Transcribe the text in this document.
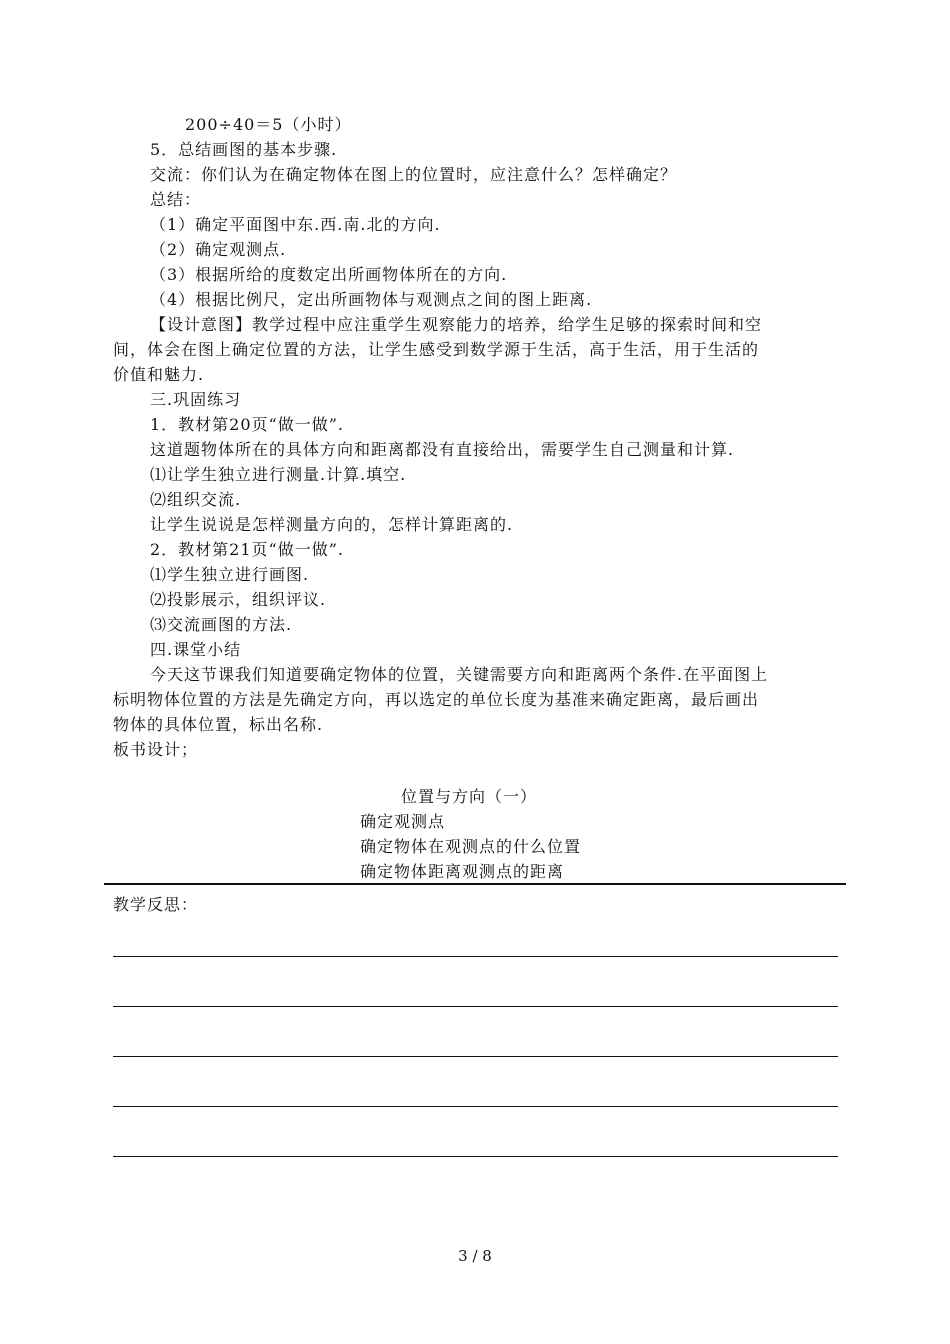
200÷40＝5（小时）
5．总结画图的基本步骤.
交流：你们认为在确定物体在图上的位置时，应注意什么？怎样确定？
总结：
（1）确定平面图中东.西.南.北的方向.
（2）确定观测点.
（3）根据所给的度数定出所画物体所在的方向.
（4）根据比例尺，定出所画物体与观测点之间的图上距离.
【设计意图】教学过程中应注重学生观察能力的培养，给学生足够的探索时间和空
间，体会在图上确定位置的方法，让学生感受到数学源于生活，高于生活，用于生活的
价值和魅力.
三.巩固练习
1．教材第20页“做一做”.
这道题物体所在的具体方向和距离都没有直接给出，需要学生自己测量和计算.
⑴让学生独立进行测量.计算.填空.
⑵组织交流.
让学生说说是怎样测量方向的，怎样计算距离的.
2．教材第21页“做一做”.
⑴学生独立进行画图.
⑵投影展示，组织评议.
⑶交流画图的方法.
四.课堂小结
今天这节课我们知道要确定物体的位置，关键需要方向和距离两个条件.在平面图上
标明物体位置的方法是先确定方向，再以选定的单位长度为基准来确定距离，最后画出
物体的具体位置，标出名称.
板书设计；
位置与方向（一）
确定观测点
确定物体在观测点的什么位置
确定物体距离观测点的距离
教学反思：
3 / 8
